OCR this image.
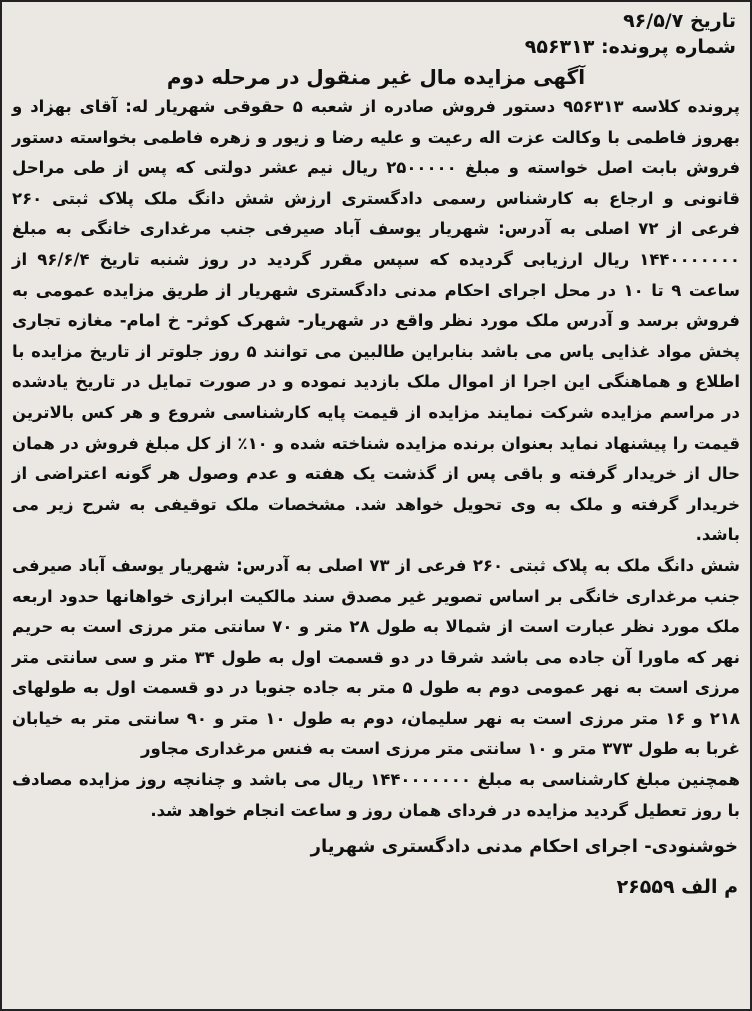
تاریخ ۹۶/۵/۷
شماره پرونده: ۹۵۶۳۱۳
آگهی مزایده مال غیر منقول در مرحله دوم

پرونده کلاسه ۹۵۶۳۱۳ دستور فروش صادره از شعبه ۵ حقوقی شهریار له: آقای بهزاد و بهروز فاطمی با وکالت عزت اله رعیت و علیه رضا و زیور و زهره فاطمی بخواسته دستور فروش بابت اصل خواسته و مبلغ ۲۵۰۰۰۰۰ ریال نیم عشر دولتی که پس از طی مراحل قانونی و ارجاع به کارشناس رسمی دادگستری ارزش شش دانگ ملک پلاک ثبتی ۲۶۰ فرعی از ۷۲ اصلی به آدرس: شهریار یوسف آباد صیرفی جنب مرغداری خانگی به مبلغ ۱۴۴۰۰۰۰۰۰۰ ریال ارزیابی گردیده که سپس مقرر گردید در روز شنبه تاریخ ۹۶/۶/۴ از ساعت ۹ تا ۱۰ در محل اجرای احکام مدنی دادگستری شهریار از طریق مزایده عمومی به فروش برسد و آدرس ملک مورد نظر واقع در شهریار- شهرک کوثر- خ امام- مغازه تجاری پخش مواد غذایی یاس می باشد بنابراین طالبین می توانند ۵ روز جلوتر از تاریخ مزایده با اطلاع و هماهنگی این اجرا از اموال ملک بازدید نموده و در صورت تمایل در تاریخ یادشده در مراسم مزایده شرکت نمایند مزایده از قیمت پایه کارشناسی شروع و هر کس بالاترین قیمت را پیشنهاد نماید بعنوان برنده مزایده شناخته شده و ۱۰٪ از کل مبلغ فروش در همان حال از خریدار گرفته و باقی پس از گذشت یک هفته و عدم وصول هر گونه اعتراضی از خریدار گرفته و ملک به وی تحویل خواهد شد. مشخصات ملک توقیفی به شرح زیر می باشد.

شش دانگ ملک به پلاک ثبتی ۲۶۰ فرعی از ۷۳ اصلی به آدرس: شهریار یوسف آباد صیرفی جنب مرغداری خانگی بر اساس تصویر غیر مصدق سند مالکیت ابرازی خواهانها حدود اربعه ملک مورد نظر عبارت است از شمالا به طول ۲۸ متر و ۷۰ سانتی متر مرزی است به حریم نهر که ماورا آن جاده می باشد شرقا در دو قسمت اول به طول ۳۴ متر و سی سانتی متر مرزی است به نهر عمومی دوم به طول ۵ متر به جاده جنوبا در دو قسمت اول به طولهای ۲۱۸ و ۱۶ متر مرزی است به نهر سلیمان، دوم به طول ۱۰ متر و ۹۰ سانتی متر به خیابان غربا به طول ۳۷۳ متر و ۱۰ سانتی متر مرزی است به فنس مرغداری مجاور

همچنین مبلغ کارشناسی به مبلغ ۱۴۴۰۰۰۰۰۰۰ ریال می باشد و چنانچه روز مزایده مصادف با روز تعطیل گردید مزایده در فردای همان روز و ساعت انجام خواهد شد.

خوشنودی- اجرای احکام مدنی دادگستری شهریار
م الف ۲۶۵۵۹
